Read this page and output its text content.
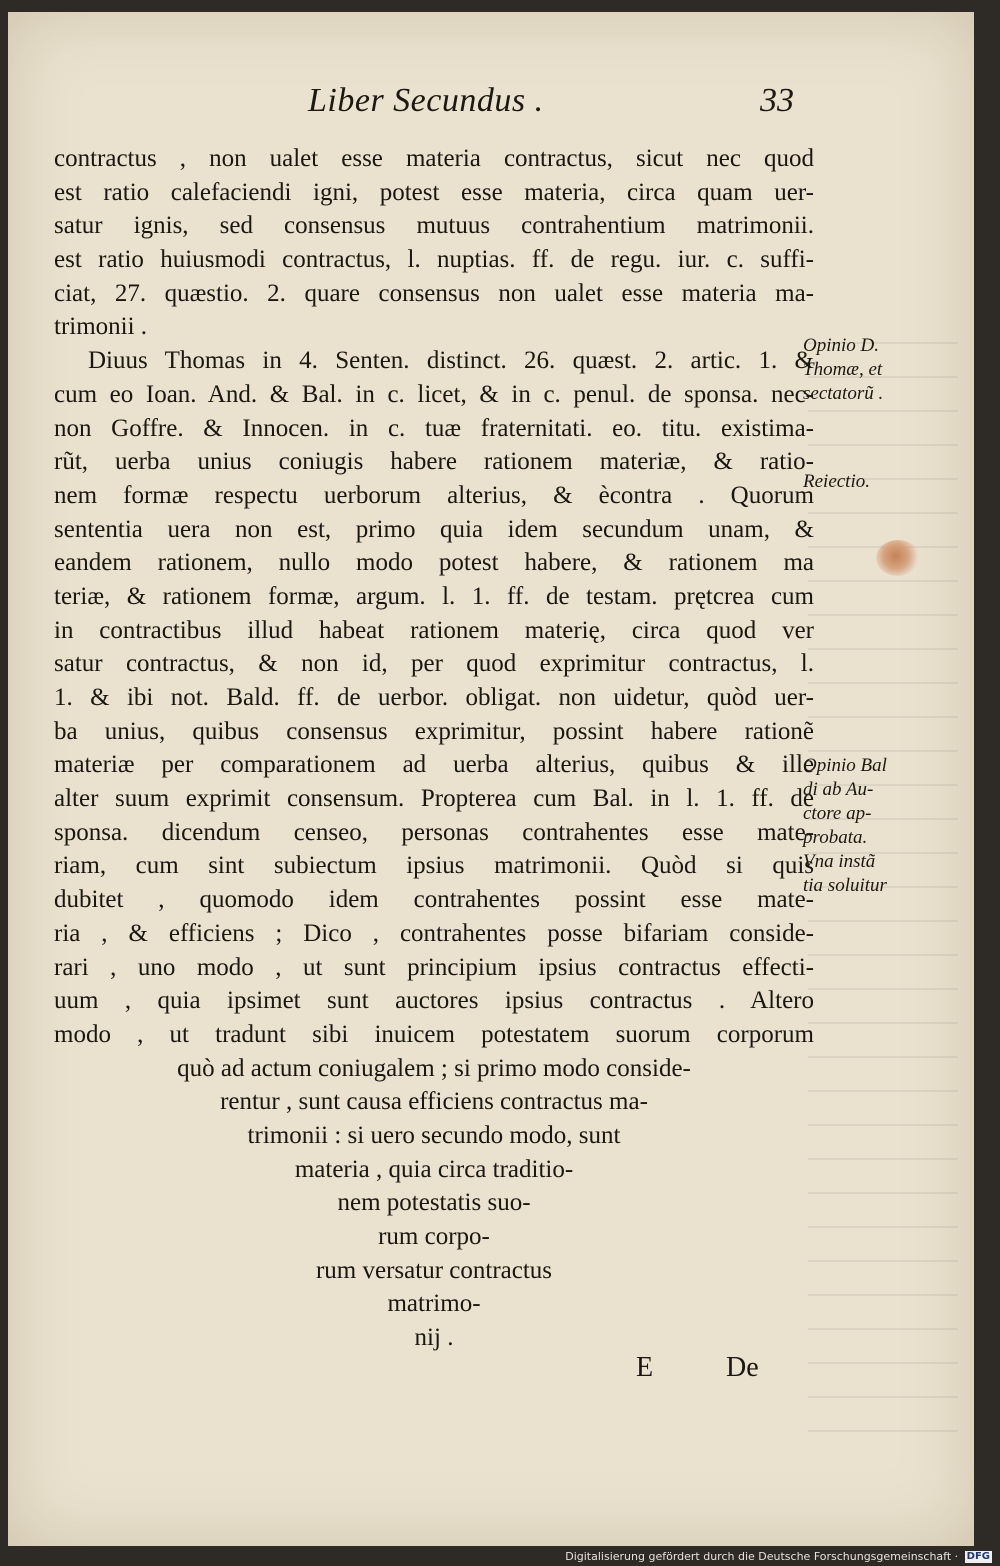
Liber Secundus .	33
contractus , non ualet esse materia contractus, sicut nec quod
est ratio calefaciendi igni, potest esse materia, circa quam uer-
satur ignis, sed consensus mutuus contrahentium matrimonii.
est ratio huiusmodi contractus, l. nuptias. ff. de regu. iur. c. suffi-
ciat, 27. quæstio. 2. quare consensus non ualet esse materia ma-
trimonii .
Diuus Thomas in 4. Senten. distinct. 26. quæst. 2. artic. 1. &
cum eo Ioan. And. & Bal. in c. licet, & in c. penul. de sponsa. nec-
non Goffre. & Innocen. in c. tuæ fraternitati. eo. titu. existima-
rũt, uerba unius coniugis habere rationem materiæ, & ratio-
nem formæ respectu uerborum alterius, & ècontra . Quorum
sententia uera non est, primo quia idem secundum unam, &
eandem rationem, nullo modo potest habere, & rationem ma
teriæ, & rationem formæ, argum. l. 1. ff. de testam. prętcrea cum
in contractibus illud habeat rationem materię, circa quod ver
satur contractus, & non id, per quod exprimitur contractus, l.
1. & ibi not. Bald. ff. de uerbor. obligat. non uidetur, quòd uer-
ba unius, quibus consensus exprimitur, possint habere rationẽ
materiæ per comparationem ad uerba alterius, quibus & ille
alter suum exprimit consensum. Propterea cum Bal. in l. 1. ff. de
sponsa. dicendum censeo, personas contrahentes esse mate-
riam, cum sint subiectum ipsius matrimonii. Quòd si quis
dubitet , quomodo idem contrahentes possint esse mate-
ria , & efficiens ; Dico , contrahentes posse bifariam conside-
rari , uno modo , ut sunt principium ipsius contractus effecti-
uum , quia ipsimet sunt auctores ipsius contractus . Altero
modo , ut tradunt sibi inuicem potestatem suorum corporum
quò ad actum coniugalem ; si primo modo conside-
rentur , sunt causa efficiens contractus ma-
trimonii : si uero secundo modo, sunt
materia , quia circa traditio-
nem potestatis suo-
rum corpo-
rum versatur contractus
matrimo-
nij .
Opinio D.
Thomæ, et
sectatorũ .
Reiectio.
Opinio Bal
di ab Au-
ctore ap-
probata.
Vna instã
tia soluitur
E	De
Digitalisierung gefördert durch die Deutsche Forschungsgemeinschaft · DFG
